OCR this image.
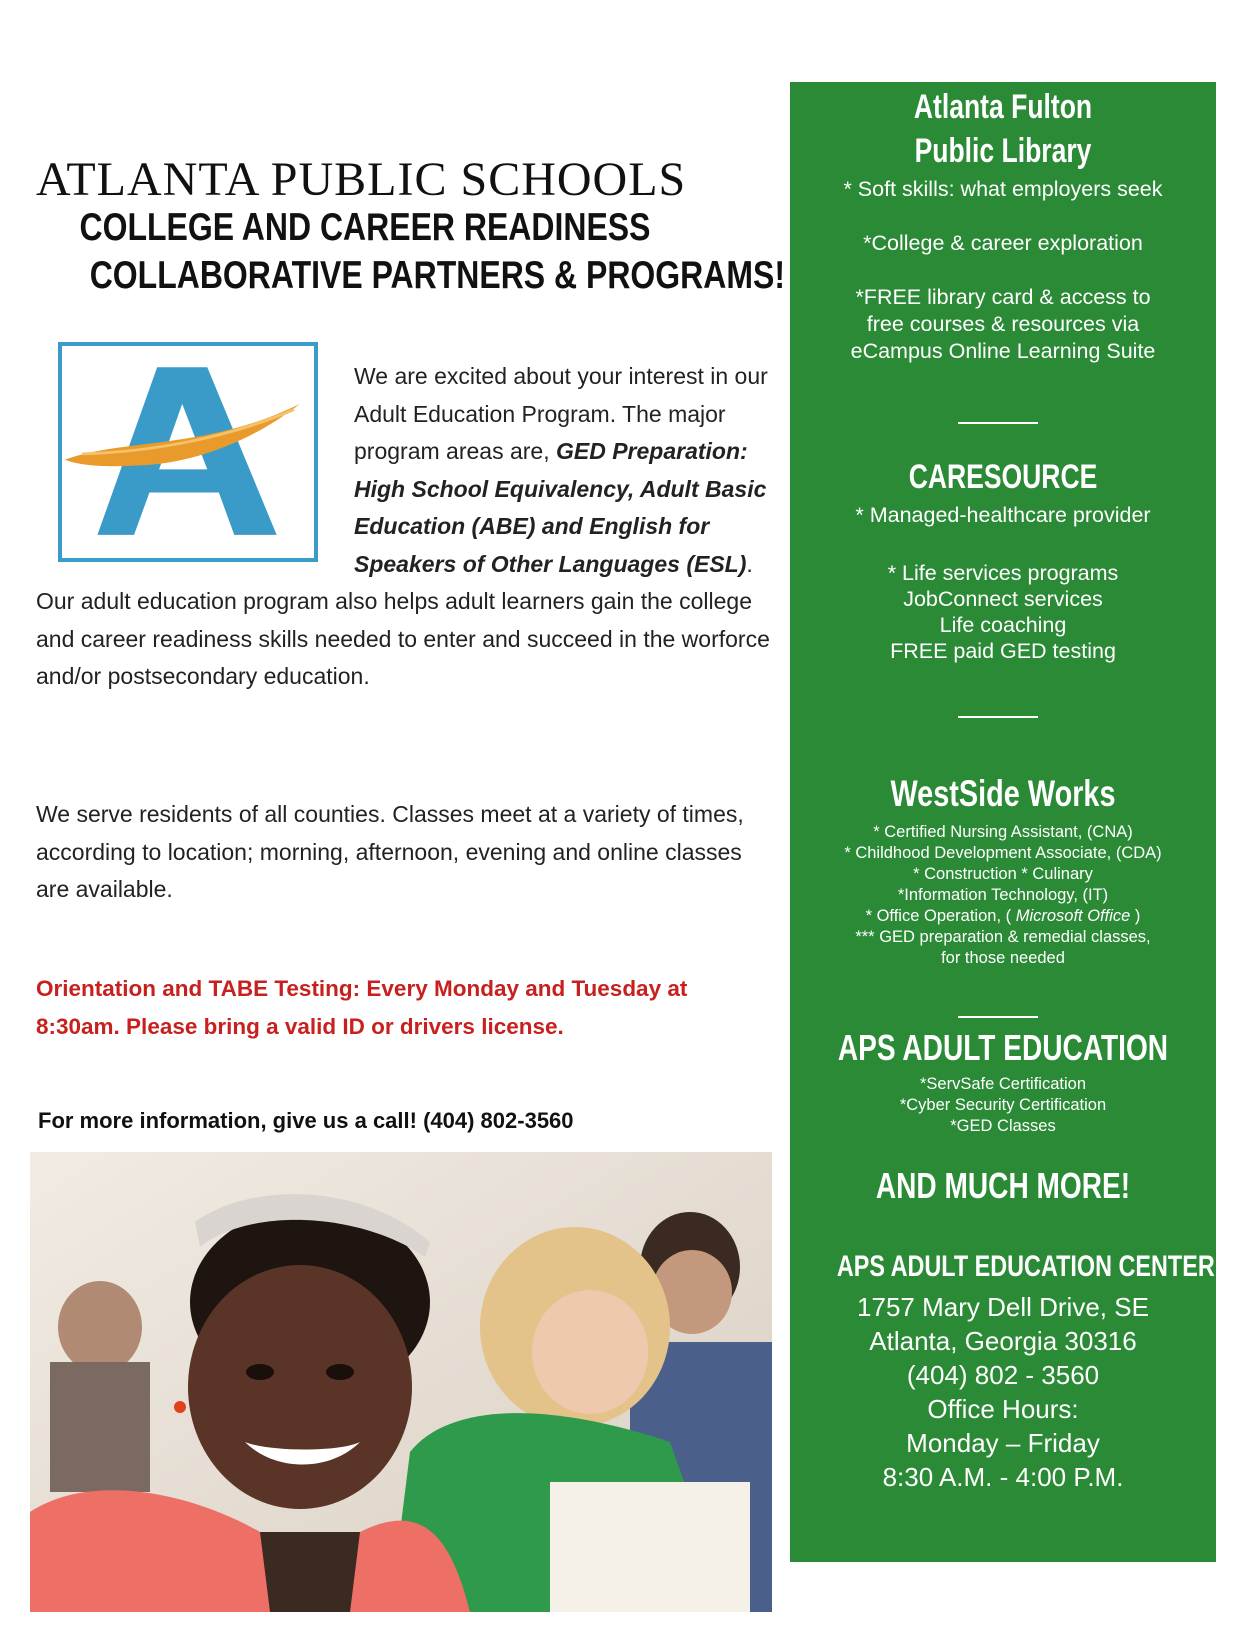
ATLANTA PUBLIC SCHOOLS
COLLEGE AND CAREER READINESS
COLLABORATIVE PARTNERS & PROGRAMS!
We are excited about your interest in our Adult Education Program. The major program areas are, GED Preparation: High School Equivalency, Adult Basic Education (ABE) and English for Speakers of Other Languages (ESL). Our adult education program also helps adult learners gain the college and career readiness skills needed to enter and succeed in the worforce and/or postsecondary education.
We serve residents of all counties. Classes meet at a variety of times, according to location; morning, afternoon, evening and online classes are available.
Orientation and TABE Testing: Every Monday and Tuesday at 8:30am. Please bring a valid ID or drivers license.
For more information, give us a call! (404) 802-3560
Atlanta Fulton
Public Library
* Soft skills: what employers seek
*College & career exploration
*FREE library card & access to
free courses & resources via
eCampus Online Learning Suite
CARESOURCE
* Managed-healthcare provider
* Life services programs
JobConnect services
Life coaching
FREE paid GED testing
WestSide Works
* Certified Nursing Assistant, (CNA)
* Childhood Development Associate, (CDA)
* Construction * Culinary
*Information Technology, (IT)
* Office Operation, ( Microsoft Office )
*** GED preparation & remedial classes,
for those needed
APS ADULT EDUCATION
*ServSafe Certification
*Cyber Security Certification
*GED Classes
AND MUCH MORE!
APS ADULT EDUCATION CENTER
1757 Mary Dell Drive, SE
Atlanta, Georgia 30316
(404) 802 - 3560
Office Hours:
Monday – Friday
8:30 A.M. - 4:00 P.M.
